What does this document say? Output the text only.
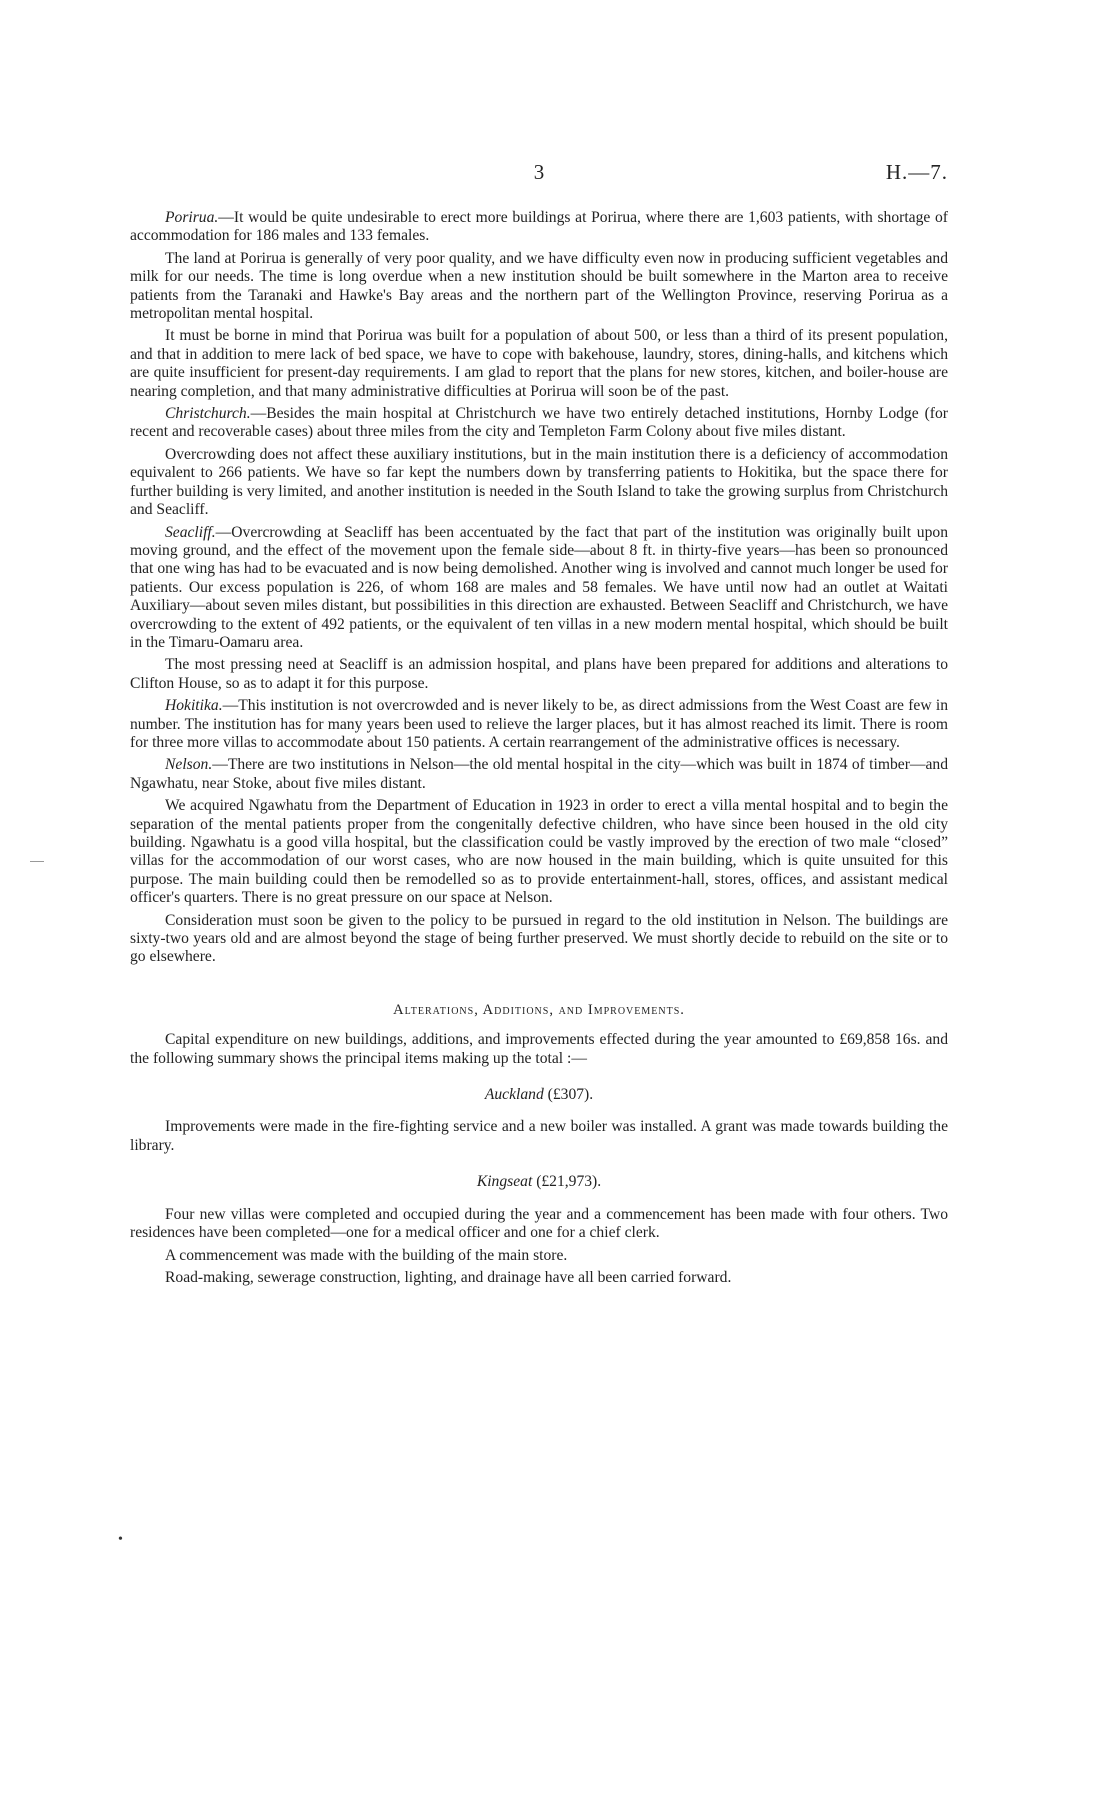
3	H.—7.
•

Porirua.—It would be quite undesirable to erect more buildings at Porirua, where there are 1,603 patients, with shortage of accommodation for 186 males and 133 females.

The land at Porirua is generally of very poor quality, and we have difficulty even now in producing sufficient vegetables and milk for our needs. The time is long overdue when a new institution should be built somewhere in the Marton area to receive patients from the Taranaki and Hawke's Bay areas and the northern part of the Wellington Province, reserving Porirua as a metropolitan mental hospital.

It must be borne in mind that Porirua was built for a population of about 500, or less than a third of its present population, and that in addition to mere lack of bed space, we have to cope with bakehouse, laundry, stores, dining-halls, and kitchens which are quite insufficient for present-day requirements. I am glad to report that the plans for new stores, kitchen, and boiler-house are nearing completion, and that many administrative difficulties at Porirua will soon be of the past.

Christchurch.—Besides the main hospital at Christchurch we have two entirely detached institutions, Hornby Lodge (for recent and recoverable cases) about three miles from the city and Templeton Farm Colony about five miles distant.

Overcrowding does not affect these auxiliary institutions, but in the main institution there is a deficiency of accommodation equivalent to 266 patients. We have so far kept the numbers down by transferring patients to Hokitika, but the space there for further building is very limited, and another institution is needed in the South Island to take the growing surplus from Christchurch and Seacliff.

Seacliff.—Overcrowding at Seacliff has been accentuated by the fact that part of the institution was originally built upon moving ground, and the effect of the movement upon the female side—about 8 ft. in thirty-five years—has been so pronounced that one wing has had to be evacuated and is now being demolished. Another wing is involved and cannot much longer be used for patients. Our excess population is 226, of whom 168 are males and 58 females. We have until now had an outlet at Waitati Auxiliary—about seven miles distant, but possibilities in this direction are exhausted. Between Seacliff and Christchurch, we have overcrowding to the extent of 492 patients, or the equivalent of ten villas in a new modern mental hospital, which should be built in the Timaru-Oamaru area.

The most pressing need at Seacliff is an admission hospital, and plans have been prepared for additions and alterations to Clifton House, so as to adapt it for this purpose.

Hokitika.—This institution is not overcrowded and is never likely to be, as direct admissions from the West Coast are few in number. The institution has for many years been used to relieve the larger places, but it has almost reached its limit. There is room for three more villas to accommodate about 150 patients. A certain rearrangement of the administrative offices is necessary.

Nelson.—There are two institutions in Nelson—the old mental hospital in the city—which was built in 1874 of timber—and Ngawhatu, near Stoke, about five miles distant.

We acquired Ngawhatu from the Department of Education in 1923 in order to erect a villa mental hospital and to begin the separation of the mental patients proper from the congenitally defective children, who have since been housed in the old city building. Ngawhatu is a good villa hospital, but the classification could be vastly improved by the erection of two male “closed” villas for the accommodation of our worst cases, who are now housed in the main building, which is quite unsuited for this purpose. The main building could then be remodelled so as to provide entertainment-hall, stores, offices, and assistant medical officer's quarters. There is no great pressure on our space at Nelson.

Consideration must soon be given to the policy to be pursued in regard to the old institution in Nelson. The buildings are sixty-two years old and are almost beyond the stage of being further preserved. We must shortly decide to rebuild on the site or to go elsewhere.

Alterations, Additions, and Improvements.

Capital expenditure on new buildings, additions, and improvements effected during the year amounted to £69,858 16s. and the following summary shows the principal items making up the total :—

Auckland (£307).

Improvements were made in the fire-fighting service and a new boiler was installed. A grant was made towards building the library.

Kingseat (£21,973).

Four new villas were completed and occupied during the year and a commencement has been made with four others. Two residences have been completed—one for a medical officer and one for a chief clerk.

A commencement was made with the building of the main store.

Road-making, sewerage construction, lighting, and drainage have all been carried forward.
